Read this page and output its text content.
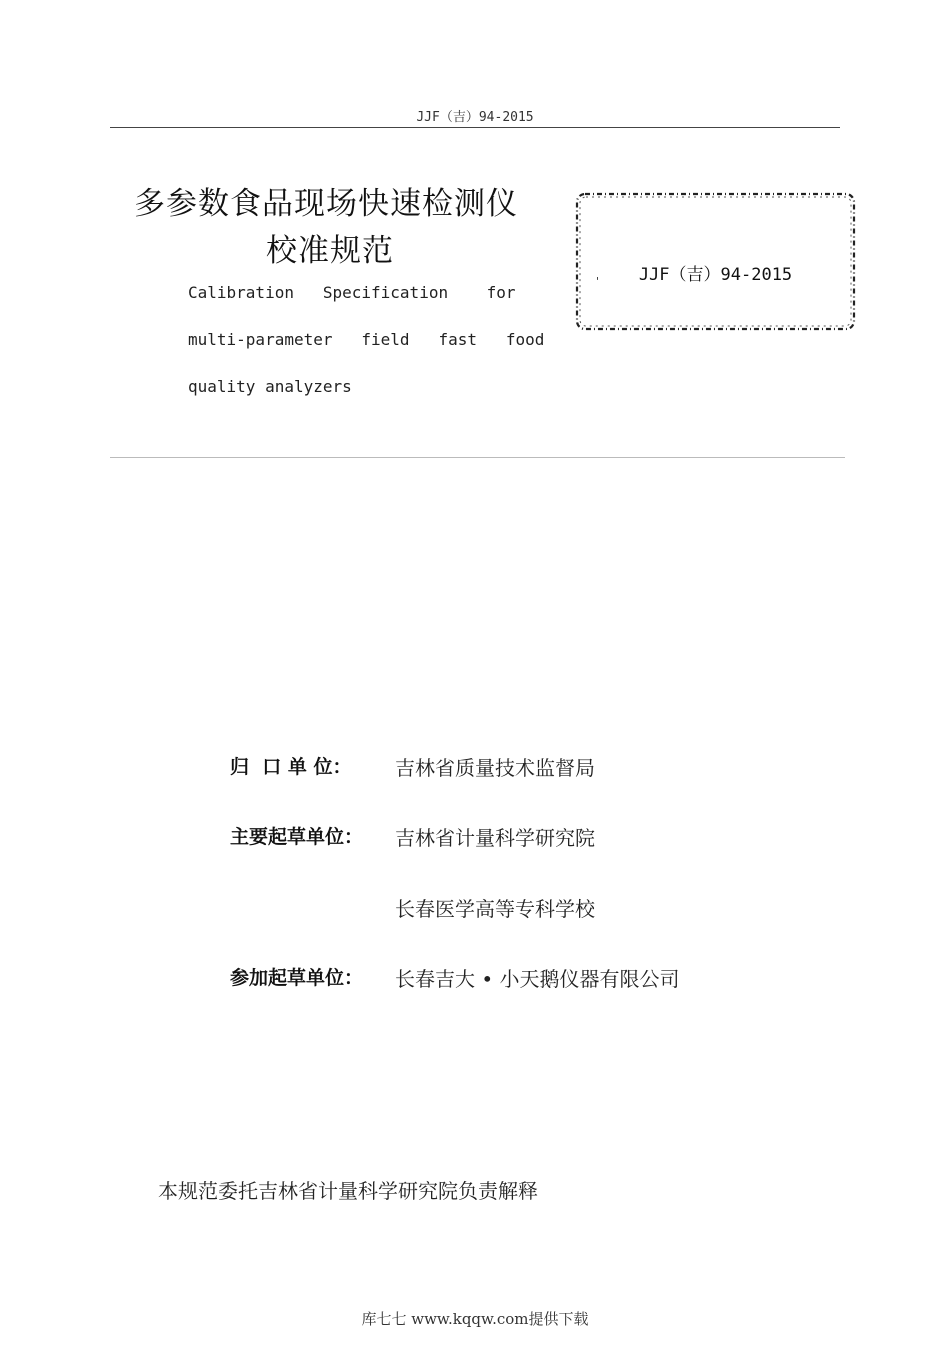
JJF（吉）94-2015
多参数食品现场快速检测仪
校准规范
Calibration   Specification    for
multi-parameter   field   fast   food
quality analyzers
'	JJF（吉）94-2015
归  口 单 位： 吉林省质量技术监督局
主要起草单位： 吉林省计量科学研究院
长春医学高等专科学校
参加起草单位： 长春吉大 • 小天鹅仪器有限公司
本规范委托吉林省计量科学研究院负责解释
库七七 www.kqqw.com提供下载
